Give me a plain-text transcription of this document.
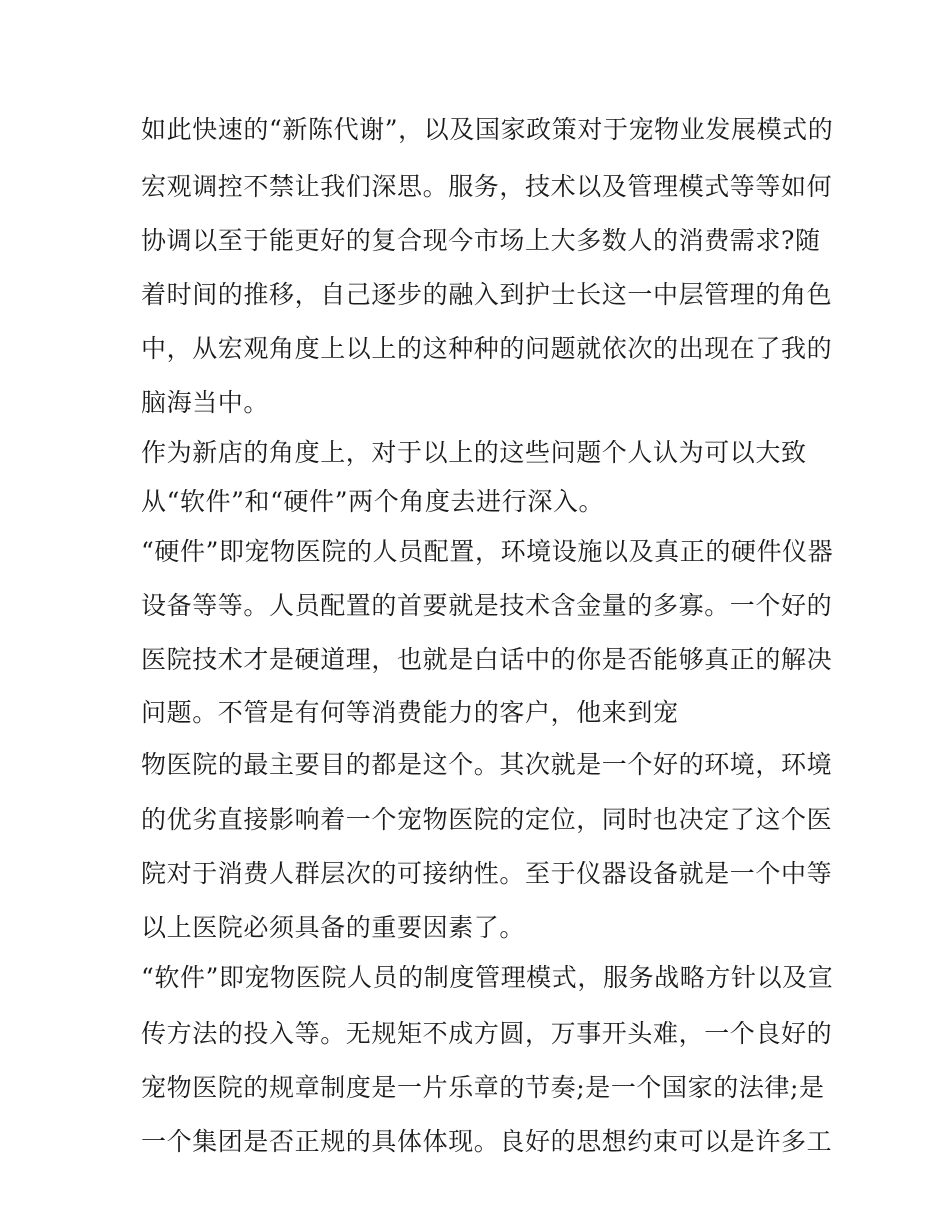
如此快速的“新陈代谢”，以及国家政策对于宠物业发展模式的
宏观调控不禁让我们深思。服务，技术以及管理模式等等如何
协调以至于能更好的复合现今市场上大多数人的消费需求?随
着时间的推移，自己逐步的融入到护士长这一中层管理的角色
中，从宏观角度上以上的这种种的问题就依次的出现在了我的
脑海当中。
作为新店的角度上，对于以上的这些问题个人认为可以大致
从“软件”和“硬件”两个角度去进行深入。
“硬件”即宠物医院的人员配置，环境设施以及真正的硬件仪器
设备等等。人员配置的首要就是技术含金量的多寡。一个好的
医院技术才是硬道理，也就是白话中的你是否能够真正的解决
问题。不管是有何等消费能力的客户，他来到宠
物医院的最主要目的都是这个。其次就是一个好的环境，环境
的优劣直接影响着一个宠物医院的定位，同时也决定了这个医
院对于消费人群层次的可接纳性。至于仪器设备就是一个中等
以上医院必须具备的重要因素了。
“软件”即宠物医院人员的制度管理模式，服务战略方针以及宣
传方法的投入等。无规矩不成方圆，万事开头难，一个良好的
宠物医院的规章制度是一片乐章的节奏;是一个国家的法律;是
一个集团是否正规的具体体现。良好的思想约束可以是许多工
